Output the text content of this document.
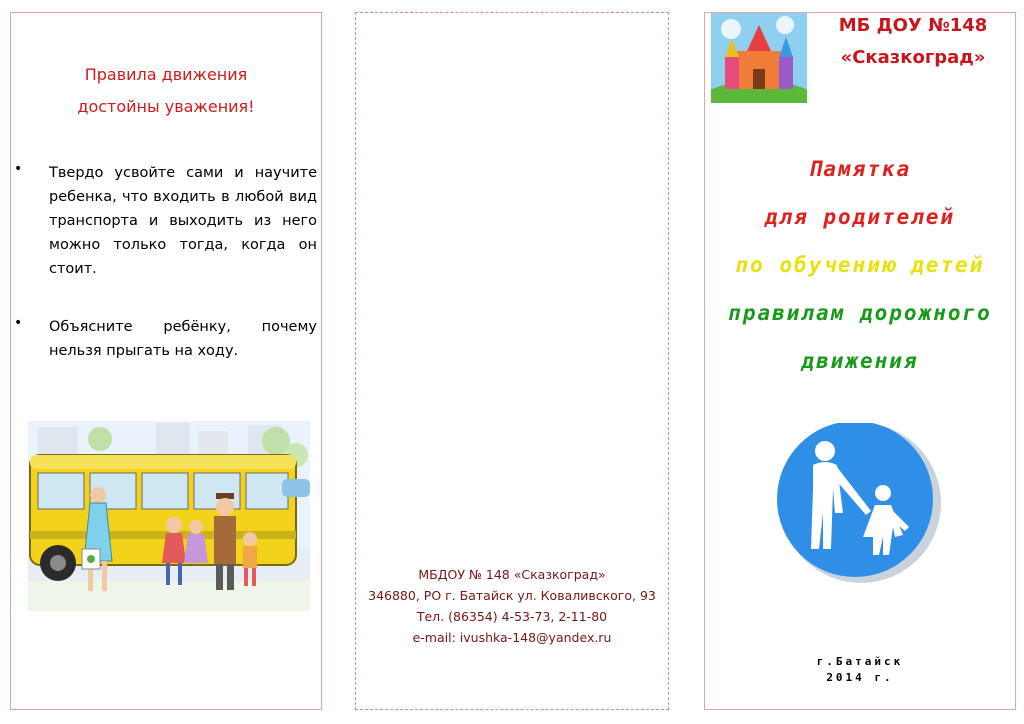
Правила движения
достойны уважения!
• Твердо усвойте сами и научите ребенка, что входить в любой вид транспорта и выходить из него можно только тогда, когда он стоит.
• Объясните ребёнку, почему нельзя прыгать на ходу.
МБДОУ № 148 «Сказкоград»
346880, РО г. Батайск ул. Коваливского, 93
Тел. (86354) 4-53-73, 2-11-80
e-mail: ivushka-148@yandex.ru
МБ ДОУ №148
«Сказкоград»
Памятка
для родителей
по обучению детей
правилам дорожного
движения
г.Батайск
2014 г.
